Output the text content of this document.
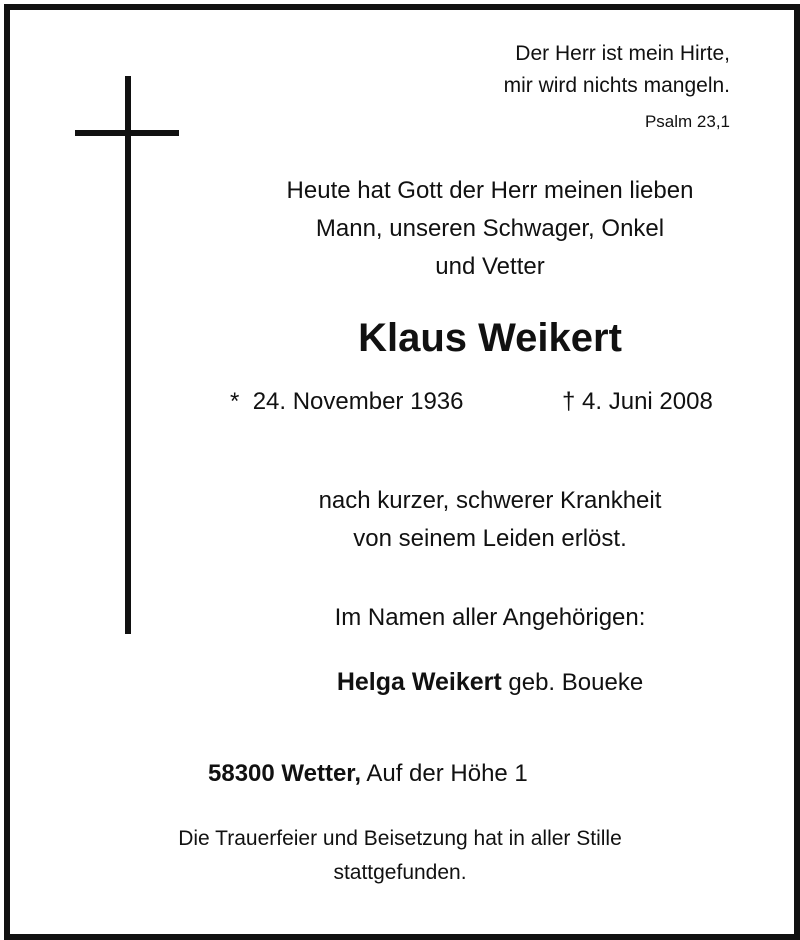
Der Herr ist mein Hirte,
mir wird nichts mangeln.
Psalm 23,1
Heute hat Gott der Herr meinen lieben
Mann, unseren Schwager, Onkel
und Vetter
Klaus Weikert
* 24. November 1936	† 4. Juni 2008
nach kurzer, schwerer Krankheit
von seinem Leiden erlöst.
Im Namen aller Angehörigen:
Helga Weikert geb. Boueke
58300 Wetter, Auf der Höhe 1
Die Trauerfeier und Beisetzung hat in aller Stille
stattgefunden.
